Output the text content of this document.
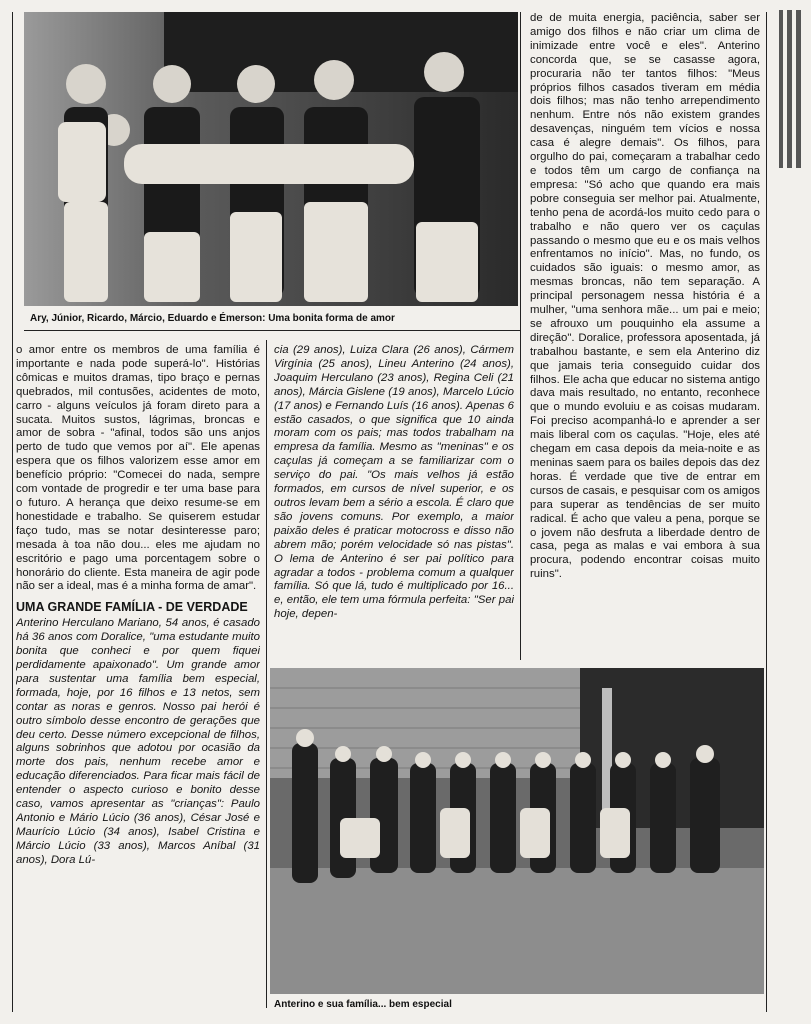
Ary, Júnior, Ricardo, Márcio, Eduardo e Émerson: Uma bonita forma de amor

o amor entre os membros de uma família é importante e nada pode superá-lo". Histórias cômicas e muitos dramas, tipo braço e pernas quebrados, mil contusões, acidentes de moto, carro - alguns veículos já foram direto para a sucata. Muitos sustos, lágrimas, broncas e amor de sobra - "afinal, todos são uns anjos perto de tudo que vemos por aí". Ele apenas espera que os filhos valorizem esse amor em benefício próprio: "Comecei do nada, sempre com vontade de progredir e ter uma base para o futuro. A herança que deixo resume-se em honestidade e trabalho. Se quiserem estudar faço tudo, mas se notar desinteresse paro; mesada à toa não dou... eles me ajudam no escritório e pago uma porcentagem sobre o honorário do cliente. Esta maneira de agir pode não ser a ideal, mas é a minha forma de amar".

UMA GRANDE FAMÍLIA - DE VERDADE

Anterino Herculano Mariano, 54 anos, é casado há 36 anos com Doralice, "uma estudante muito bonita que conheci e por quem fiquei perdidamente apaixonado". Um grande amor para sustentar uma família bem especial, formada, hoje, por 16 filhos e 13 netos, sem contar as noras e genros. Nosso pai herói é outro símbolo desse encontro de gerações que deu certo. Desse número excepcional de filhos, alguns sobrinhos que adotou por ocasião da morte dos pais, nenhum recebe amor e educação diferenciados. Para ficar mais fácil de entender o aspecto curioso e bonito desse caso, vamos apresentar as "crianças": Paulo Antonio e Mário Lúcio (36 anos), César José e Maurício Lúcio (34 anos), Isabel Cristina e Márcio Lúcio (33 anos), Marcos Aníbal (31 anos), Dora Lú-

cia (29 anos), Luiza Clara (26 anos), Cármem Virgínia (25 anos), Lineu Anterino (24 anos), Joaquim Herculano (23 anos), Regina Celi (21 anos), Márcia Gislene (19 anos), Marcelo Lúcio (17 anos) e Fernando Luís (16 anos). Apenas 6 estão casados, o que significa que 10 ainda moram com os pais; mas todos trabalham na empresa da família. Mesmo as "meninas" e os caçulas já começam a se familiarizar com o serviço do pai. "Os mais velhos já estão formados, em cursos de nível superior, e os outros levam bem a sério a escola. É claro que são jovens comuns. Por exemplo, a maior paixão deles é praticar motocross e disso não abrem mão; porém velocidade só nas pistas". O lema de Anterino é ser pai político para agradar a todos - problema comum a qualquer família. Só que lá, tudo é multiplicado por 16... e, então, ele tem uma fórmula perfeita: "Ser pai hoje, depen-

de de muita energia, paciência, saber ser amigo dos filhos e não criar um clima de inimizade entre você e eles". Anterino concorda que, se se casasse agora, procuraria não ter tantos filhos: "Meus próprios filhos casados tiveram em média dois filhos; mas não tenho arrependimento nenhum. Entre nós não existem grandes desavenças, ninguém tem vícios e nossa casa é alegre demais". Os filhos, para orgulho do pai, começaram a trabalhar cedo e todos têm um cargo de confiança na empresa: "Só acho que quando era mais pobre conseguia ser melhor pai. Atualmente, tenho pena de acordá-los muito cedo para o trabalho e não quero ver os caçulas passando o mesmo que eu e os mais velhos enfrentamos no início". Mas, no fundo, os cuidados são iguais: o mesmo amor, as mesmas broncas, não tem separação. A principal personagem nessa história é a mulher, "uma senhora mãe... um pai e meio; se afrouxo um pouquinho ela assume a direção". Doralice, professora aposentada, já trabalhou bastante, e sem ela Anterino diz que jamais teria conseguido cuidar dos filhos. Ele acha que educar no sistema antigo dava mais resultado, no entanto, reconhece que o mundo evoluiu e as coisas mudaram. Foi preciso acompanhá-lo e aprender a ser mais liberal com os caçulas. "Hoje, eles até chegam em casa depois da meia-noite e as meninas saem para os bailes depois das dez horas. É verdade que tive de entrar em cursos de casais, e pesquisar com os amigos para superar as tendências de ser muito radical. É acho que valeu a pena, porque se o jovem não desfruta a liberdade dentro de casa, pega as malas e vai embora à sua procura, podendo encontrar coisas muito ruins".

Anterino e sua família... bem especial
